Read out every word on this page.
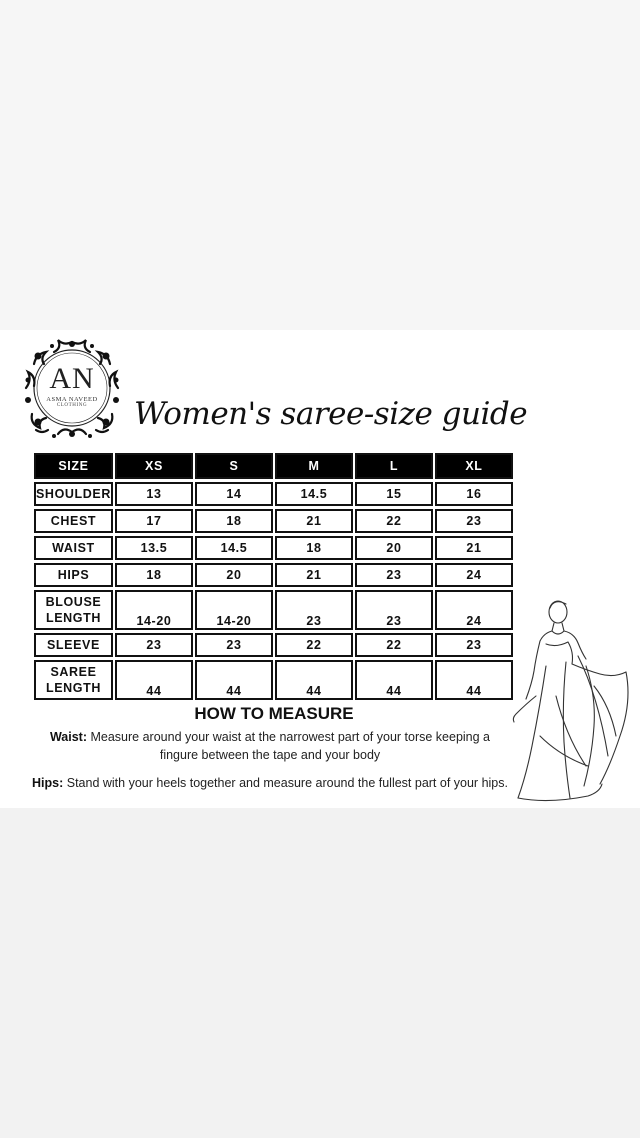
AN
ASMA NAVEED
CLOTHING Women's saree-size guide
SIZE	XS	S	M	L	XL
SHOULDER	13	14	14.5	15	16
CHEST	17	18	21	22	23
WAIST	13.5	14.5	18	20	21
HIPS	18	20	21	23	24

BLOUSE
LENGTH	14-20	14-20	23	23	24
SLEEVE	23	23	22	22	23

SAREE
LENGTH	44	44	44	44	44
HOW TO MEASURE
Waist: Measure around your waist at the narrowest part of your torse keeping a fingure between the tape and your body
Hips: Stand with your heels together and measure around the fullest part of your hips.
